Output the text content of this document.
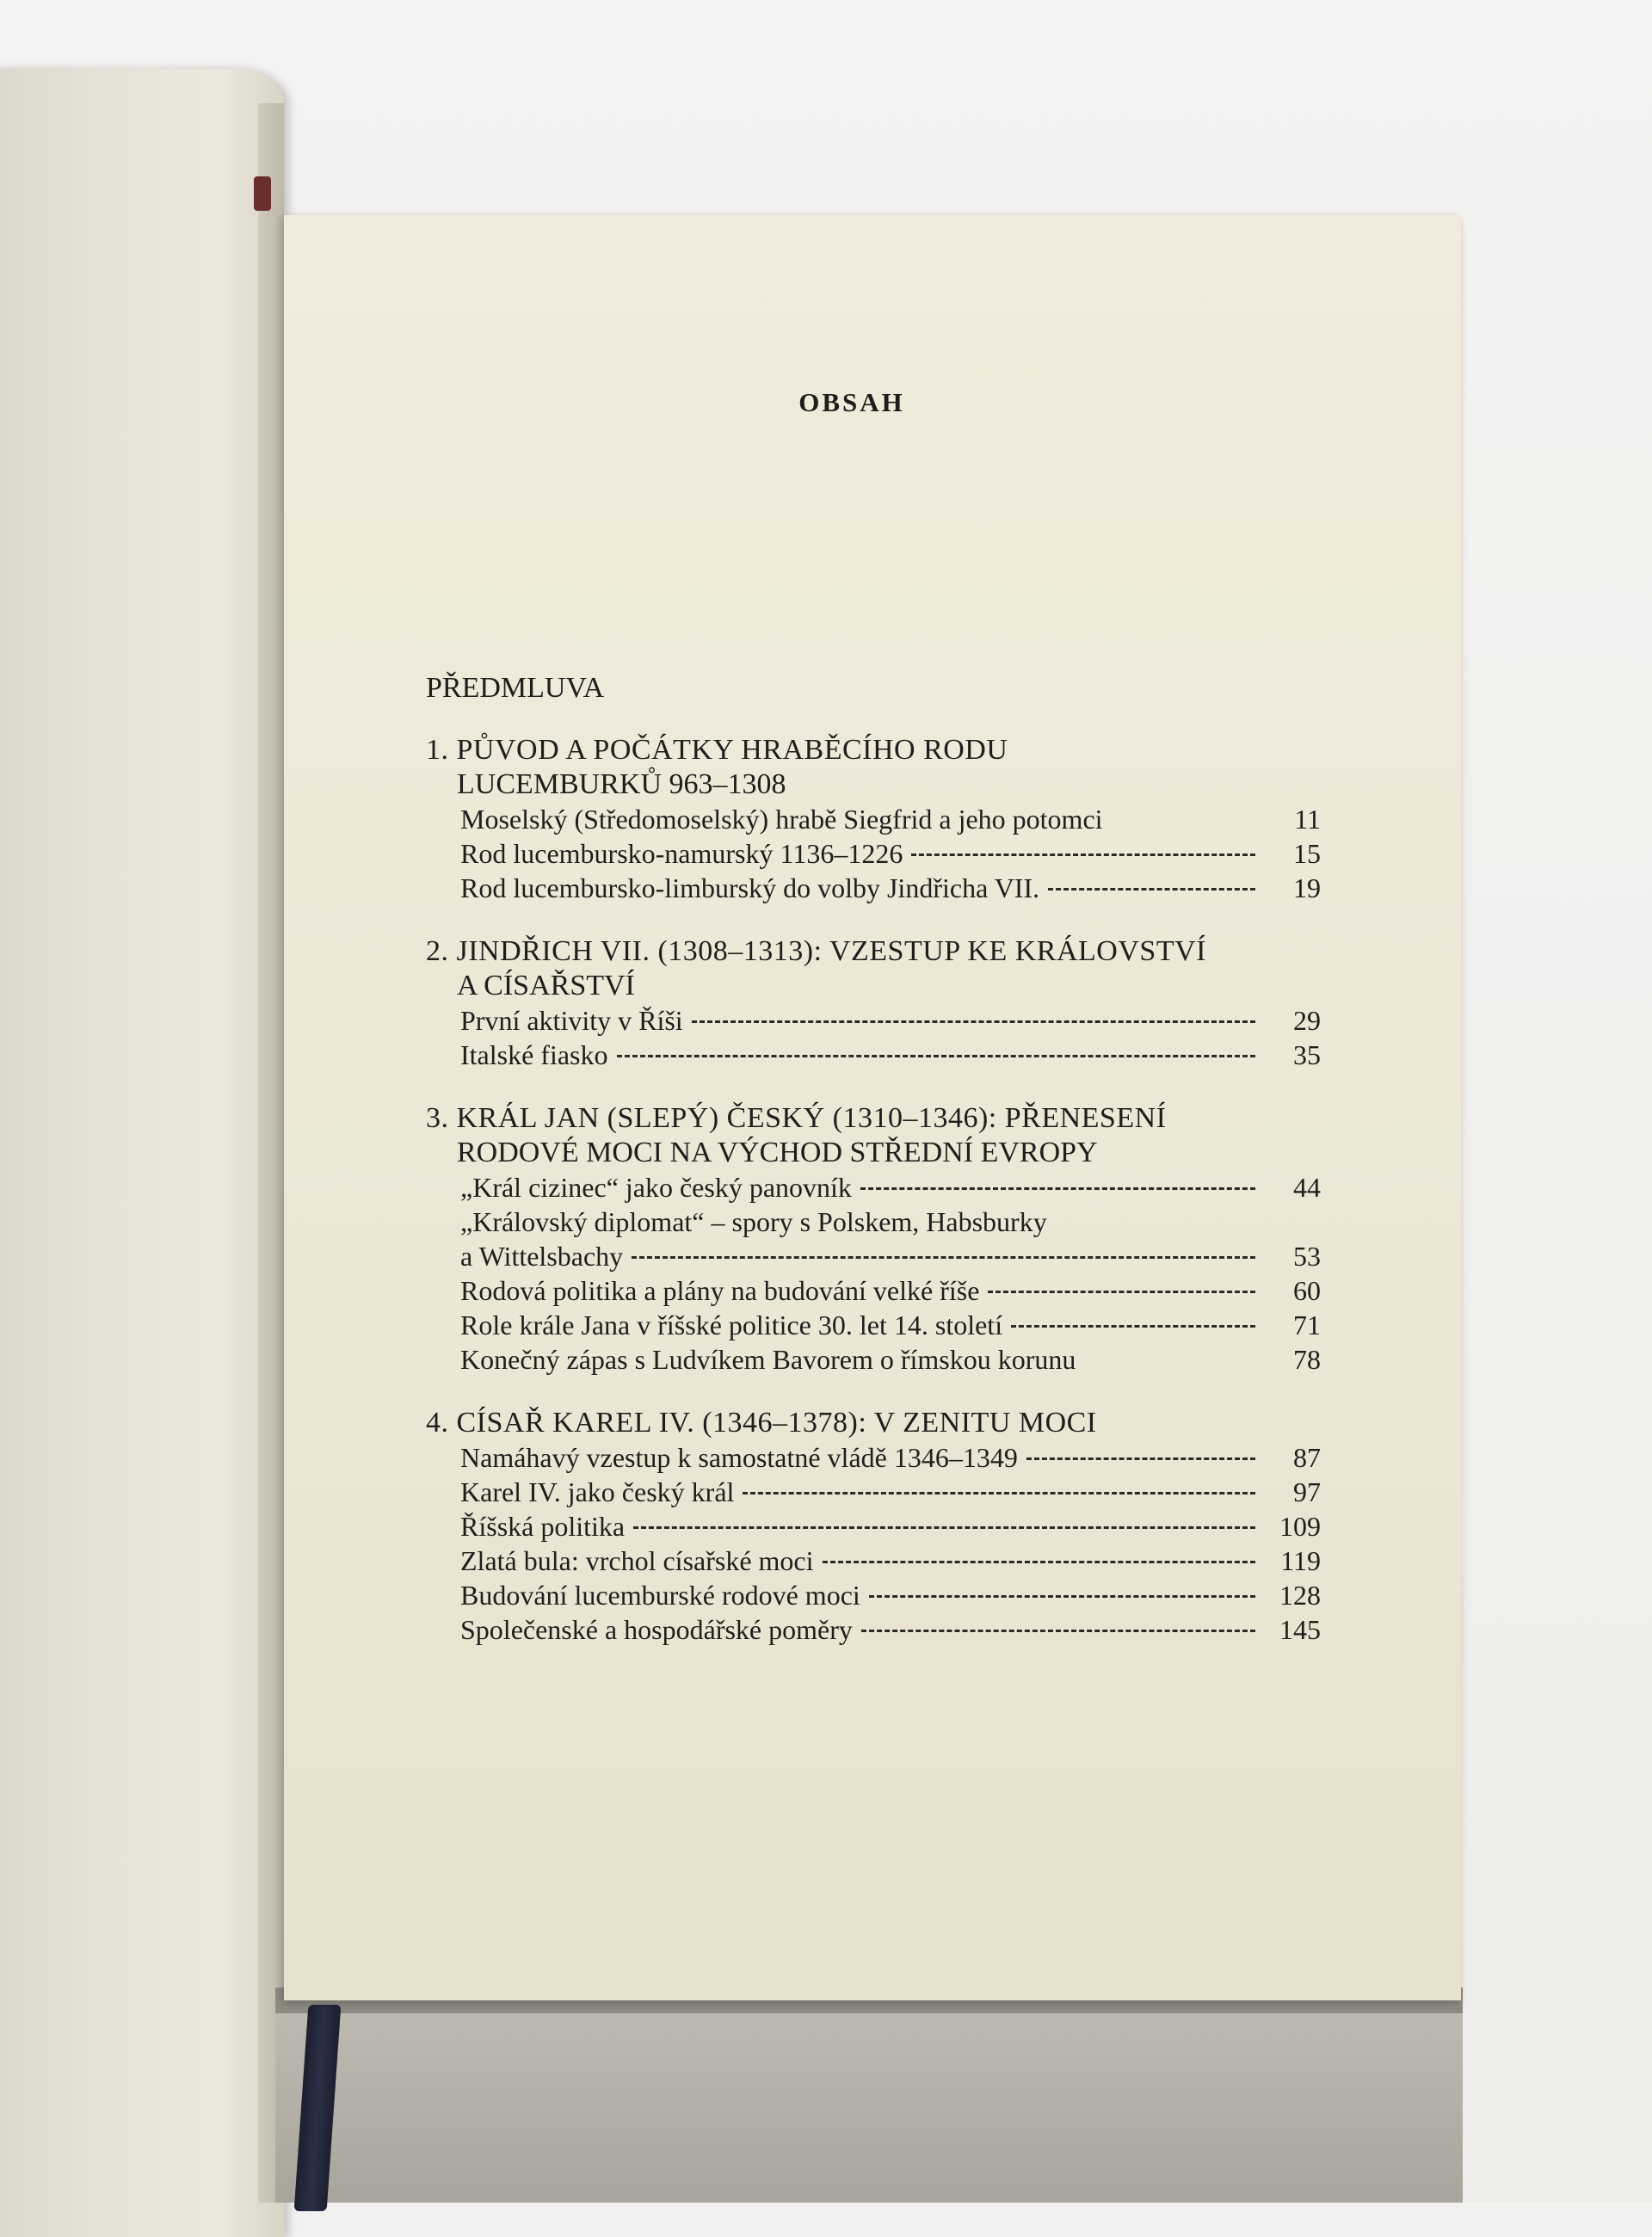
OBSAH
PŘEDMLUVA
1. PŮVOD A POČÁTKY HRABĚCÍHO RODU
LUCEMBURKŮ 963–1308
Moselský (Středomoselský) hrabě Siegfrid a jeho potomci	11
Rod lucembursko-namurský 1136–1226	15
Rod lucembursko-limburský do volby Jindřicha VII.	19
2. JINDŘICH VII. (1308–1313): VZESTUP KE KRÁLOVSTVÍ
A CÍSAŘSTVÍ
První aktivity v Říši	29
Italské fiasko	35
3. KRÁL JAN (SLEPÝ) ČESKÝ (1310–1346): PŘENESENÍ
RODOVÉ MOCI NA VÝCHOD STŘEDNÍ EVROPY
„Král cizinec“ jako český panovník	44
„Královský diplomat“ – spory s Polskem, Habsburky
a Wittelsbachy	53
Rodová politika a plány na budování velké říše	60
Role krále Jana v říšské politice 30. let 14. století	71
Konečný zápas s Ludvíkem Bavorem o římskou korunu	78
4. CÍSAŘ KAREL IV. (1346–1378): V ZENITU MOCI
Namáhavý vzestup k samostatné vládě 1346–1349	87
Karel IV. jako český král	97
Říšská politika	109
Zlatá bula: vrchol císařské moci	119
Budování lucemburské rodové moci	128
Společenské a hospodářské poměry	145
